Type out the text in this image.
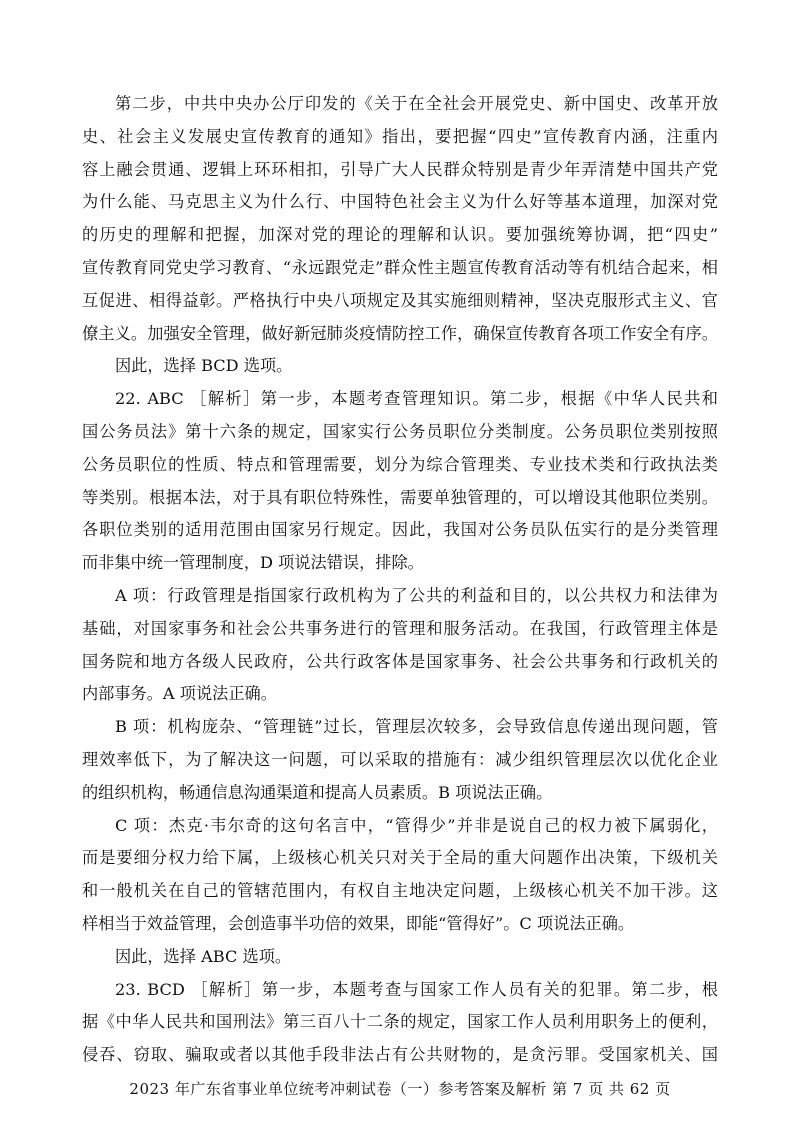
第二步，中共中央办公厅印发的《关于在全社会开展党史、新中国史、改革开放
史、社会主义发展史宣传教育的通知》指出，要把握“四史”宣传教育内涵，注重内
容上融会贯通、逻辑上环环相扣，引导广大人民群众特别是青少年弄清楚中国共产党
为什么能、马克思主义为什么行、中国特色社会主义为什么好等基本道理，加深对党
的历史的理解和把握，加深对党的理论的理解和认识。要加强统筹协调，把“四史”
宣传教育同党史学习教育、“永远跟党走”群众性主题宣传教育活动等有机结合起来，相
互促进、相得益彰。严格执行中央八项规定及其实施细则精神，坚决克服形式主义、官
僚主义。加强安全管理，做好新冠肺炎疫情防控工作，确保宣传教育各项工作安全有序。
因此，选择 BCD 选项。
22. ABC ［解析］第一步，本题考查管理知识。第二步，根据《中华人民共和
国公务员法》第十六条的规定，国家实行公务员职位分类制度。公务员职位类别按照
公务员职位的性质、特点和管理需要，划分为综合管理类、专业技术类和行政执法类
等类别。根据本法，对于具有职位特殊性，需要单独管理的，可以增设其他职位类别。
各职位类别的适用范围由国家另行规定。因此，我国对公务员队伍实行的是分类管理
而非集中统一管理制度，D 项说法错误，排除。
A 项：行政管理是指国家行政机构为了公共的利益和目的，以公共权力和法律为
基础，对国家事务和社会公共事务进行的管理和服务活动。在我国，行政管理主体是
国务院和地方各级人民政府，公共行政客体是国家事务、社会公共事务和行政机关的
内部事务。A 项说法正确。
B 项：机构庞杂、“管理链”过长，管理层次较多，会导致信息传递出现问题，管
理效率低下，为了解决这一问题，可以采取的措施有：减少组织管理层次以优化企业
的组织机构，畅通信息沟通渠道和提高人员素质。B 项说法正确。
C 项：杰克·韦尔奇的这句名言中，“管得少”并非是说自己的权力被下属弱化，
而是要细分权力给下属，上级核心机关只对关于全局的重大问题作出决策，下级机关
和一般机关在自己的管辖范围内，有权自主地决定问题，上级核心机关不加干涉。这
样相当于效益管理，会创造事半功倍的效果，即能“管得好”。C 项说法正确。
因此，选择 ABC 选项。
23. BCD ［解析］第一步，本题考查与国家工作人员有关的犯罪。第二步，根
据《中华人民共和国刑法》第三百八十二条的规定，国家工作人员利用职务上的便利，
侵吞、窃取、骗取或者以其他手段非法占有公共财物的，是贪污罪。受国家机关、国
2023 年广东省事业单位统考冲刺试卷（一）参考答案及解析 第 7 页 共 62 页
